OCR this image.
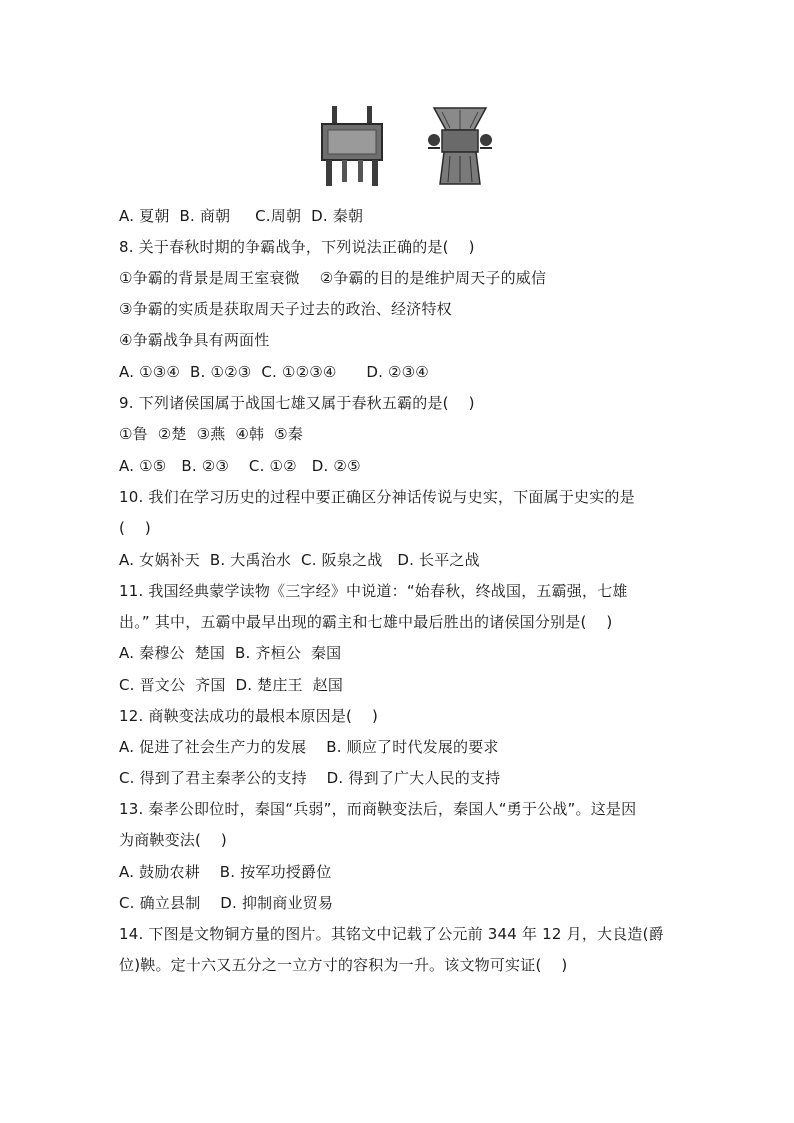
A. 夏朝  B. 商朝     C.周朝  D. 秦朝
8. 关于春秋时期的争霸战争，下列说法正确的是(    )
①争霸的背景是周王室衰微    ②争霸的目的是维护周天子的威信
③争霸的实质是获取周天子过去的政治、经济特权
④争霸战争具有两面性
A. ①③④  B. ①②③  C. ①②③④      D. ②③④
9. 下列诸侯国属于战国七雄又属于春秋五霸的是(    )
①鲁  ②楚  ③燕  ④韩  ⑤秦
A. ①⑤   B. ②③    C. ①②   D. ②⑤
10. 我们在学习历史的过程中要正确区分神话传说与史实，下面属于史实的是
(    )
A. 女娲补天  B. 大禹治水  C. 阪泉之战   D. 长平之战
11. 我国经典蒙学读物《三字经》中说道：“始春秋，终战国，五霸强，七雄
出。” 其中，五霸中最早出现的霸主和七雄中最后胜出的诸侯国分别是(    )
A. 秦穆公  楚国  B. 齐桓公  秦国
C. 晋文公  齐国  D. 楚庄王  赵国
12. 商鞅变法成功的最根本原因是(    )
A. 促进了社会生产力的发展    B. 顺应了时代发展的要求
C. 得到了君主秦孝公的支持    D. 得到了广大人民的支持
13. 秦孝公即位时，秦国“兵弱”，而商鞅变法后，秦国人“勇于公战”。这是因
为商鞅变法(    )
A. 鼓励农耕    B. 按军功授爵位
C. 确立县制    D. 抑制商业贸易
14. 下图是文物铜方量的图片。其铭文中记载了公元前 344 年 12 月，大良造(爵
位)鞅。定十六又五分之一立方寸的容积为一升。该文物可实证(    )
